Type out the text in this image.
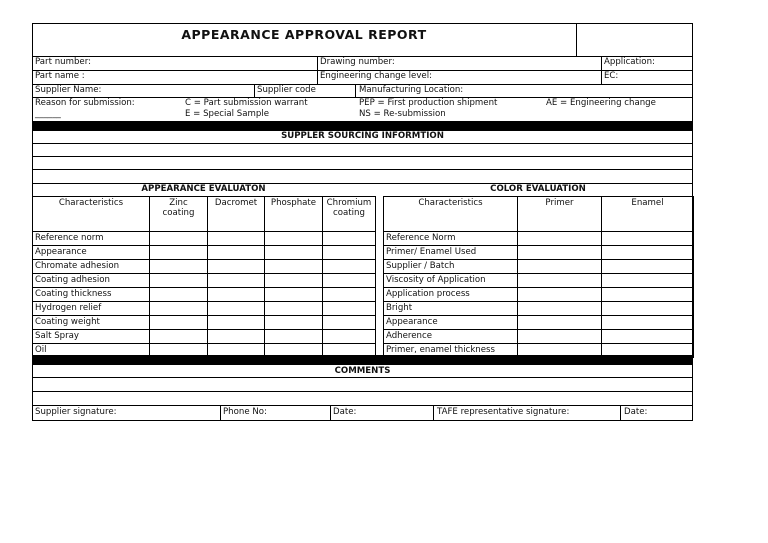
APPEARANCE APPROVAL REPORT
Part number:	Drawing number:	Application:
Part name :	Engineering change level:	EC:
Supplier Name:	Supplier code	Manufacturing Location:
Reason for submission:
______
C = Part submission warrant
E = Special Sample
PEP = First production shipment
NS = Re-submission
AE = Engineering change
SUPPLER SOURCING INFORMTION
APPEARANCE EVALUATON
Characteristics	Zinc coating	Dacromet	Phosphate	Chromium coating
Reference norm				
Appearance				
Chromate adhesion				
Coating adhesion				
Coating thickness				
Hydrogen relief				
Coating weight				
Salt Spray				
Oil				
COLOR EVALUATION
Characteristics	Primer	Enamel
Reference Norm		
Primer/ Enamel Used		
Supplier / Batch		
Viscosity of Application		
Application process		
Bright		
Appearance		
Adherence		
Primer, enamel thickness		
COMMENTS
Supplier signature:	Phone No:	Date:	TAFE representative signature:	Date:
